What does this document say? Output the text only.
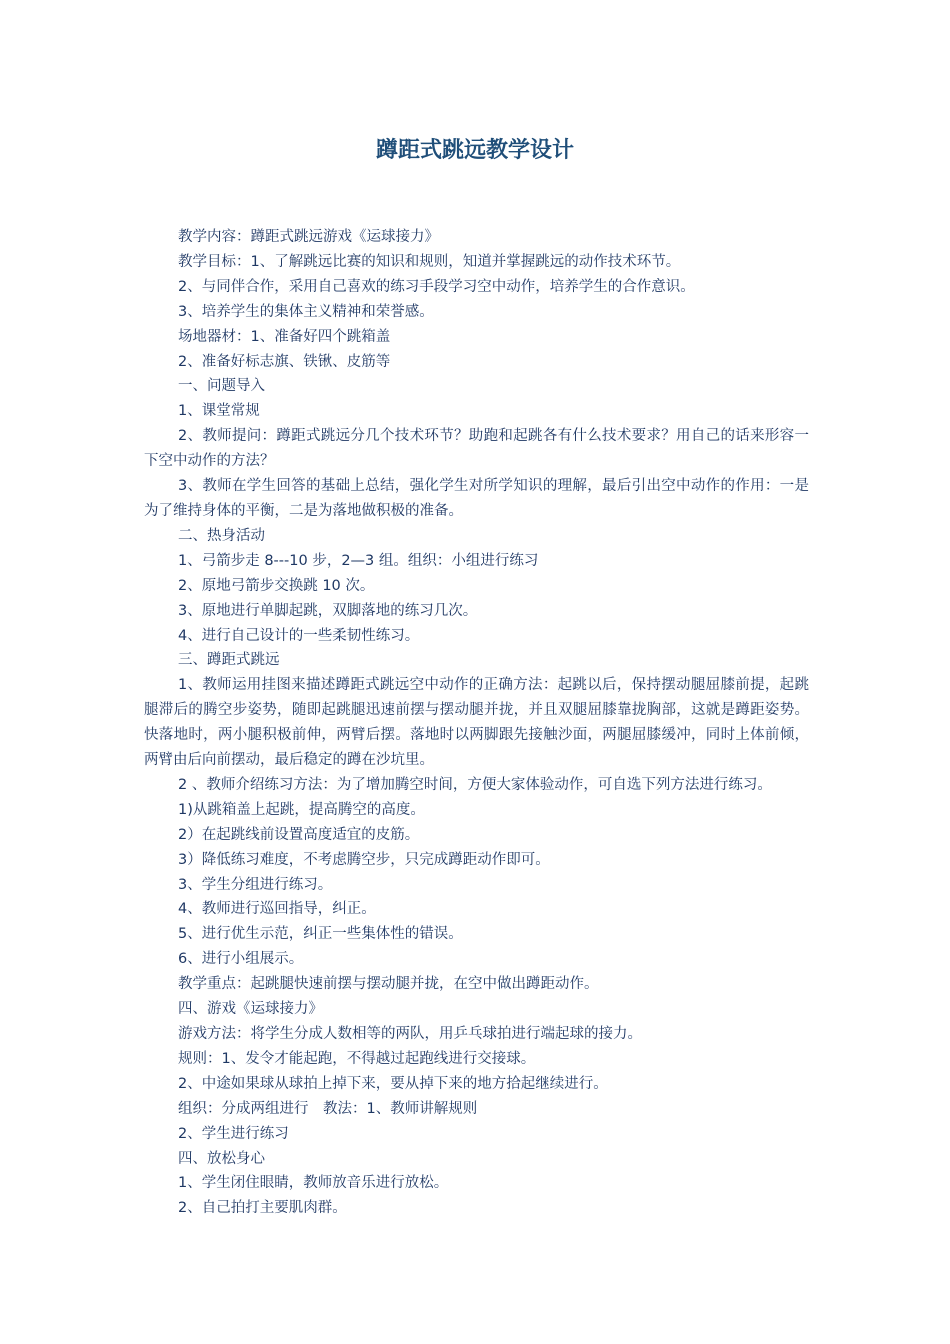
蹲距式跳远教学设计

教学内容：蹲距式跳远游戏《运球接力》

教学目标：1、了解跳远比赛的知识和规则，知道并掌握跳远的动作技术环节。

2、与同伴合作，采用自己喜欢的练习手段学习空中动作，培养学生的合作意识。

3、培养学生的集体主义精神和荣誉感。

场地器材：1、准备好四个跳箱盖

2、准备好标志旗、铁锹、皮筋等

一、问题导入

1、课堂常规

2、教师提问：蹲距式跳远分几个技术环节？助跑和起跳各有什么技术要求？用自己的话来形容一下空中动作的方法？

3、教师在学生回答的基础上总结，强化学生对所学知识的理解，最后引出空中动作的作用：一是为了维持身体的平衡，二是为落地做积极的准备。

二、热身活动

1、弓箭步走 8---10 步，2—3 组。组织：小组进行练习

2、原地弓箭步交换跳 10 次。

3、原地进行单脚起跳，双脚落地的练习几次。

4、进行自己设计的一些柔韧性练习。

三、蹲距式跳远

1、教师运用挂图来描述蹲距式跳远空中动作的正确方法：起跳以后，保持摆动腿屈膝前提，起跳腿滞后的腾空步姿势，随即起跳腿迅速前摆与摆动腿并拢，并且双腿屈膝靠拢胸部，这就是蹲距姿势。快落地时，两小腿积极前伸，两臂后摆。落地时以两脚跟先接触沙面，两腿屈膝缓冲，同时上体前倾，两臂由后向前摆动，最后稳定的蹲在沙坑里。

2 、教师介绍练习方法：为了增加腾空时间，方便大家体验动作，可自选下列方法进行练习。

1)从跳箱盖上起跳，提高腾空的高度。

2）在起跳线前设置高度适宜的皮筋。

3）降低练习难度，不考虑腾空步，只完成蹲距动作即可。

3、学生分组进行练习。

4、教师进行巡回指导，纠正。

5、进行优生示范，纠正一些集体性的错误。

6、进行小组展示。

教学重点：起跳腿快速前摆与摆动腿并拢，在空中做出蹲距动作。

四、游戏《运球接力》

游戏方法：将学生分成人数相等的两队，用乒乓球拍进行端起球的接力。

规则：1、发令才能起跑，不得越过起跑线进行交接球。

2、中途如果球从球拍上掉下来，要从掉下来的地方拾起继续进行。

组织：分成两组进行　教法：1、教师讲解规则

2、学生进行练习

四、放松身心

1、学生闭住眼睛，教师放音乐进行放松。

2、自己拍打主要肌肉群。
